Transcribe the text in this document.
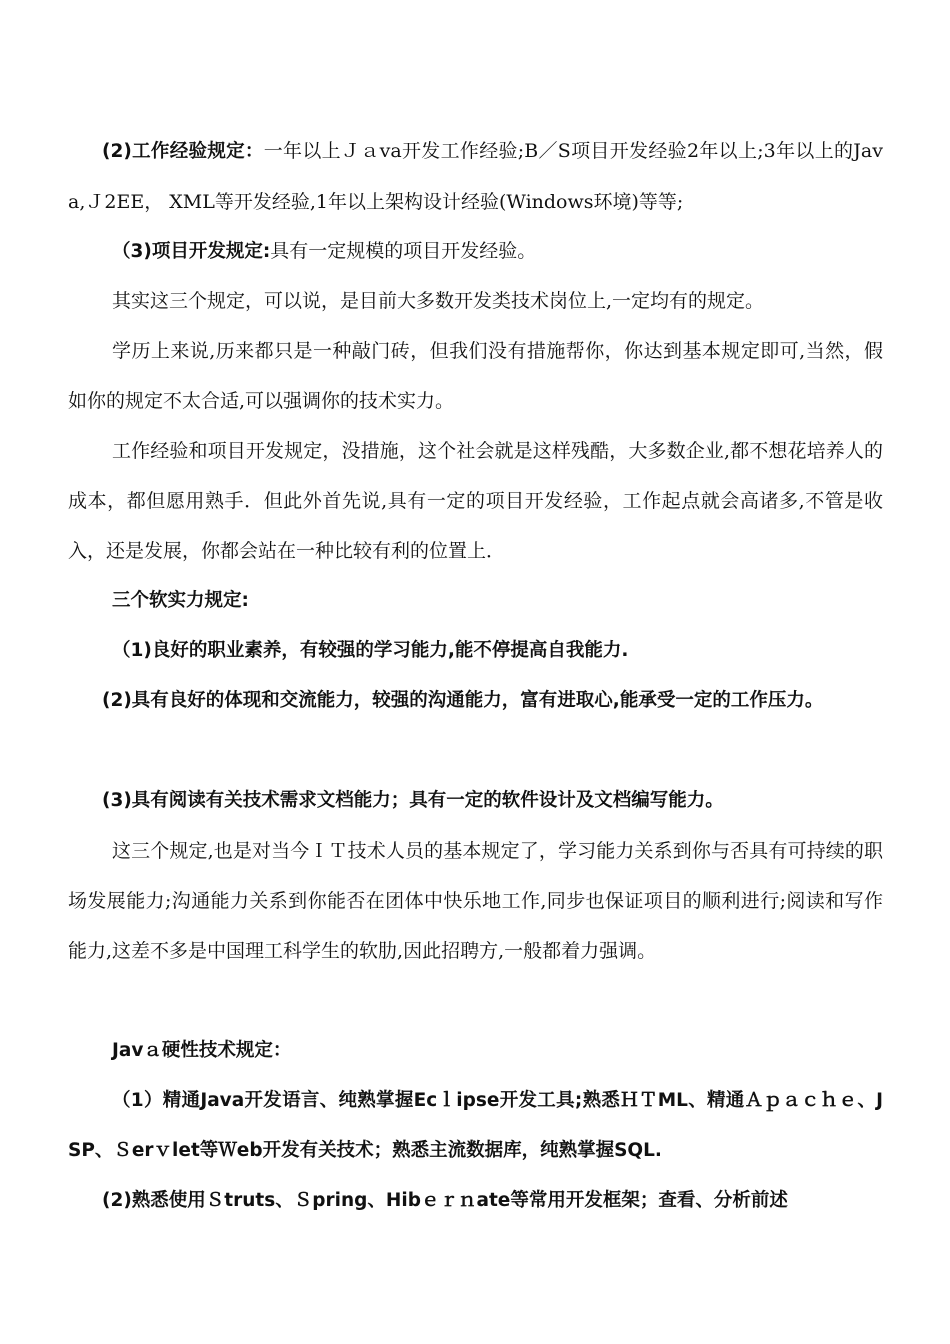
(2)工作经验规定：一年以上Ｊａva开发工作经验;B／S项目开发经验2年以上;3年以上的Java,Ｊ2EE， XML等开发经验,1年以上架构设计经验(Windows环境)等等;
（3)项目开发规定:具有一定规模的项目开发经验。
其实这三个规定，可以说，是目前大多数开发类技术岗位上,一定均有的规定。
学历上来说,历来都只是一种敲门砖，但我们没有措施帮你，你达到基本规定即可,当然，假如你的规定不太合适,可以强调你的技术实力。
工作经验和项目开发规定，没措施，这个社会就是这样残酷，大多数企业,都不想花培养人的成本，都但愿用熟手．但此外首先说,具有一定的项目开发经验，工作起点就会高诸多,不管是收入，还是发展，你都会站在一种比较有利的位置上．
三个软实力规定:
（1)良好的职业素养，有较强的学习能力,能不停提高自我能力.
(2)具有良好的体现和交流能力，较强的沟通能力，富有进取心,能承受一定的工作压力。
(3)具有阅读有关技术需求文档能力；具有一定的软件设计及文档编写能力。
这三个规定,也是对当今ＩＴ技术人员的基本规定了，学习能力关系到你与否具有可持续的职场发展能力;沟通能力关系到你能否在团体中快乐地工作,同步也保证项目的顺利进行;阅读和写作能力,这差不多是中国理工科学生的软肋,因此招聘方,一般都着力强调。
Javａ硬性技术规定：
（1）精通Java开发语言、纯熟掌握Ecｌipse开发工具;熟悉ＨＴML、精通Ａｐａｃｈｅ、JSP、Ｓerｖlet等Ｗeb开发有关技术；熟悉主流数据库，纯熟掌握SQL.
(2)熟悉使用Ｓtruts、Ｓpring、Hibｅｒｎate等常用开发框架；查看、分析前述
